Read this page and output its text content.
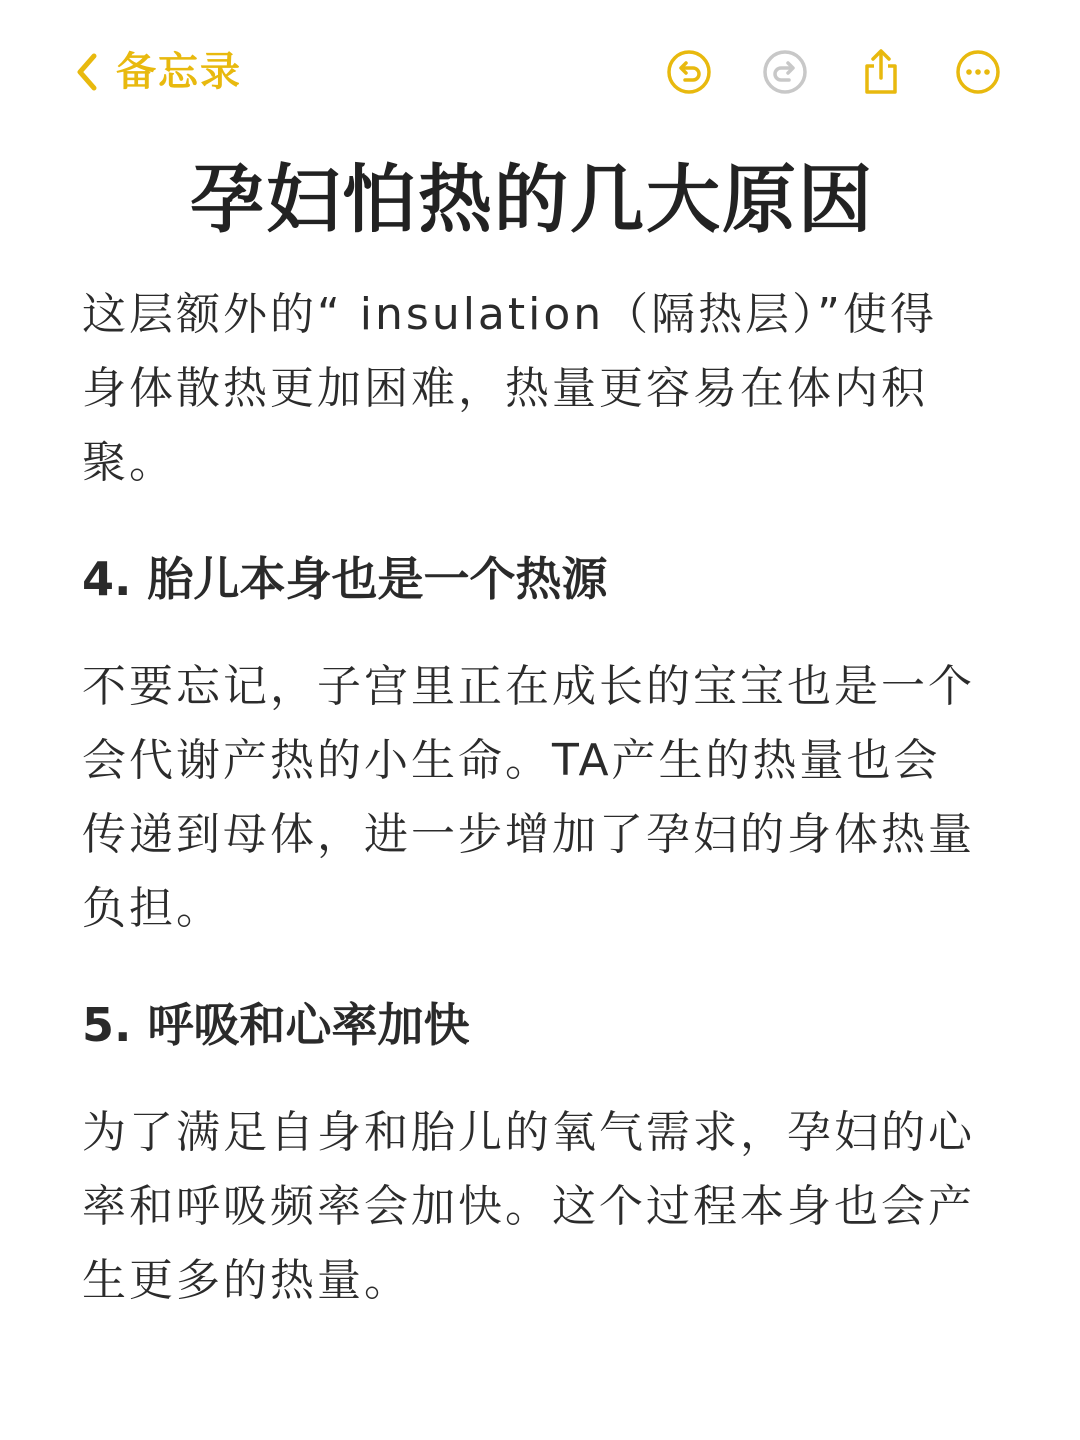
备忘录
孕妇怕热的几大原因

这层额外的“ insulation（隔热层）”使得身体散热更加困难，热量更容易在体内积聚。

4. 胎儿本身也是一个热源

不要忘记，子宫里正在成长的宝宝也是一个会代谢产热的小生命。TA产生的热量也会传递到母体，进一步增加了孕妇的身体热量负担。

5. 呼吸和心率加快

为了满足自身和胎儿的氧气需求，孕妇的心率和呼吸频率会加快。这个过程本身也会产生更多的热量。
